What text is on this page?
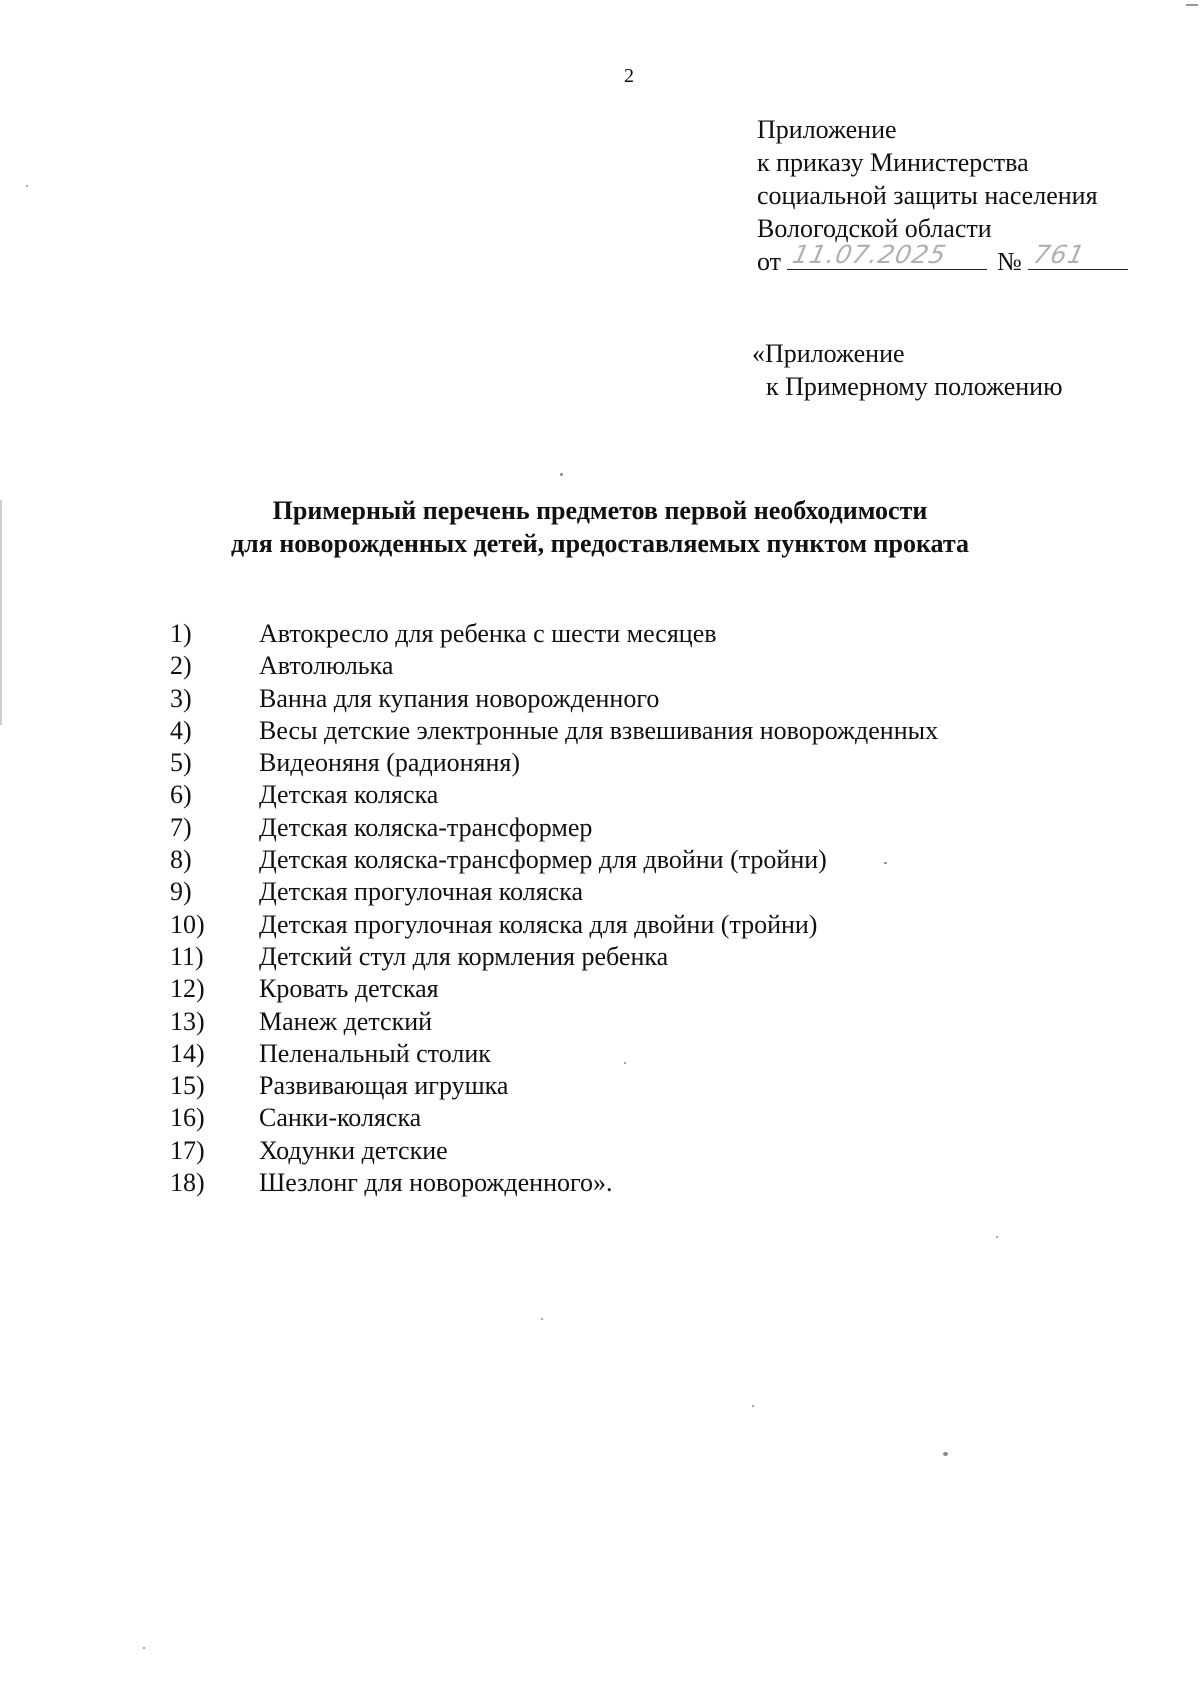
2
Приложение
к приказу Министерства
социальной защиты населения
Вологодской области
от 11.07.2025 № 761
«Приложение
к Примерному положению
Примерный перечень предметов первой необходимости
для новорожденных детей, предоставляемых пунктом проката
1)	Автокресло для ребенка с шести месяцев
2)	Автолюлька
3)	Ванна для купания новорожденного
4)	Весы детские электронные для взвешивания новорожденных
5)	Видеоняня (радионяня)
6)	Детская коляска
7)	Детская коляска-трансформер
8)	Детская коляска-трансформер для двойни (тройни)
9)	Детская прогулочная коляска
10)	Детская прогулочная коляска для двойни (тройни)
11)	Детский стул для кормления ребенка
12)	Кровать детская
13)	Манеж детский
14)	Пеленальный столик
15)	Развивающая игрушка
16)	Санки-коляска
17)	Ходунки детские
18)	Шезлонг для новорожденного».
